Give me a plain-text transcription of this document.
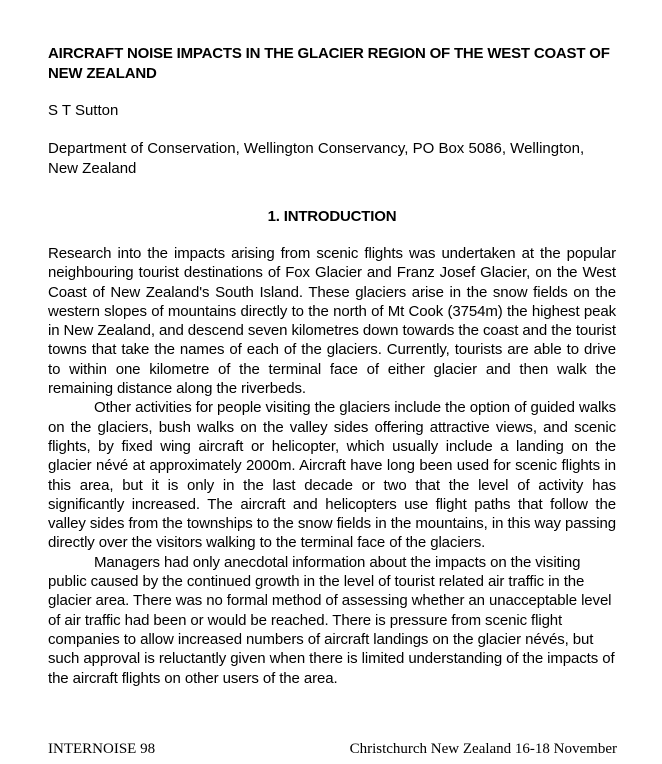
AIRCRAFT NOISE IMPACTS IN THE GLACIER REGION OF THE WEST COAST OF NEW ZEALAND

S T Sutton

Department of Conservation, Wellington Conservancy, PO Box 5086, Wellington, New Zealand

1. INTRODUCTION

Research into the impacts arising from scenic flights was undertaken at the popular neighbouring tourist destinations of Fox Glacier and Franz Josef Glacier, on the West Coast of New Zealand's South Island. These glaciers arise in the snow fields on the western slopes of mountains directly to the north of Mt Cook (3754m) the highest peak in New Zealand, and descend seven kilometres down towards the coast and the tourist towns that take the names of each of the glaciers. Currently, tourists are able to drive to within one kilometre of the terminal face of either glacier and then walk the remaining distance along the riverbeds.

Other activities for people visiting the glaciers include the option of guided walks on the glaciers, bush walks on the valley sides offering attractive views, and scenic flights, by fixed wing aircraft or helicopter, which usually include a landing on the glacier névé at approximately 2000m. Aircraft have long been used for scenic flights in this area, but it is only in the last decade or two that the level of activity has significantly increased. The aircraft and helicopters use flight paths that follow the valley sides from the townships to the snow fields in the mountains, in this way passing directly over the visitors walking to the terminal face of the glaciers.

Managers had only anecdotal information about the impacts on the visiting public caused by the continued growth in the level of tourist related air traffic in the glacier area. There was no formal method of assessing whether an unacceptable level of air traffic had been or would be reached. There is pressure from scenic flight companies to allow increased numbers of aircraft landings on the glacier névés, but such approval is reluctantly given when there is limited understanding of the impacts of the aircraft flights on other users of the area.

INTERNOISE 98	Christchurch New Zealand 16-18 November
